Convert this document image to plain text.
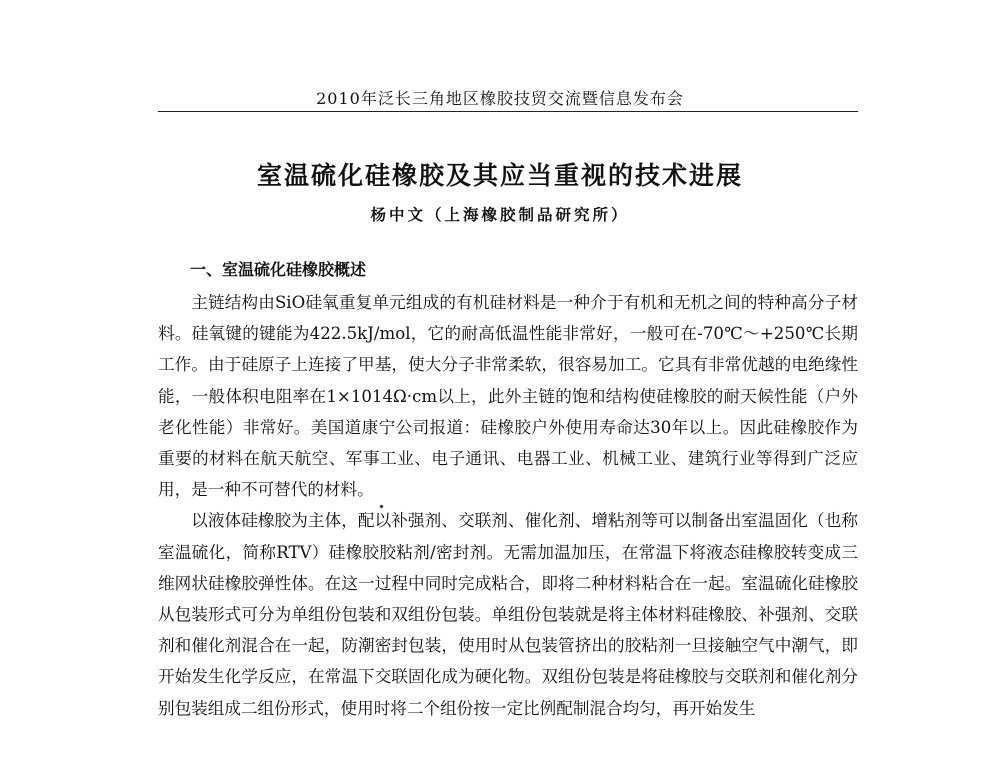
2010年泛长三角地区橡胶技贸交流暨信息发布会
室温硫化硅橡胶及其应当重视的技术进展
杨中文（上海橡胶制品研究所）
一、室温硫化硅橡胶概述

主链结构由SiO硅氧重复单元组成的有机硅材料是一种介于有机和无机之间的特种高分子材料。硅氧键的键能为422.5kJ/mol，它的耐高低温性能非常好，一般可在-70℃～+250℃长期工作。由于硅原子上连接了甲基，使大分子非常柔软，很容易加工。它具有非常优越的电绝缘性能，一般体积电阻率在1×1014Ω·cm以上，此外主链的饱和结构使硅橡胶的耐天候性能（户外老化性能）非常好。美国道康宁公司报道：硅橡胶户外使用寿命达30年以上。因此硅橡胶作为重要的材料在航天航空、军事工业、电子通讯、电器工业、机械工业、建筑行业等得到广泛应用，是一种不可替代的材料。

以液体硅橡胶为主体，配以补强剂、交联剂、催化剂、增粘剂等可以制备出室温固化（也称室温硫化，简称RTV）硅橡胶胶粘剂/密封剂。无需加温加压，在常温下将液态硅橡胶转变成三维网状硅橡胶弹性体。在这一过程中同时完成粘合，即将二种材料粘合在一起。室温硫化硅橡胶从包装形式可分为单组份包装和双组份包装。单组份包装就是将主体材料硅橡胶、补强剂、交联剂和催化剂混合在一起，防潮密封包装，使用时从包装管挤出的胶粘剂一旦接触空气中潮气，即开始发生化学反应，在常温下交联固化成为硬化物。双组份包装是将硅橡胶与交联剂和催化剂分别包装组成二组份形式，使用时将二个组份按一定比例配制混合均匀，再开始发生
